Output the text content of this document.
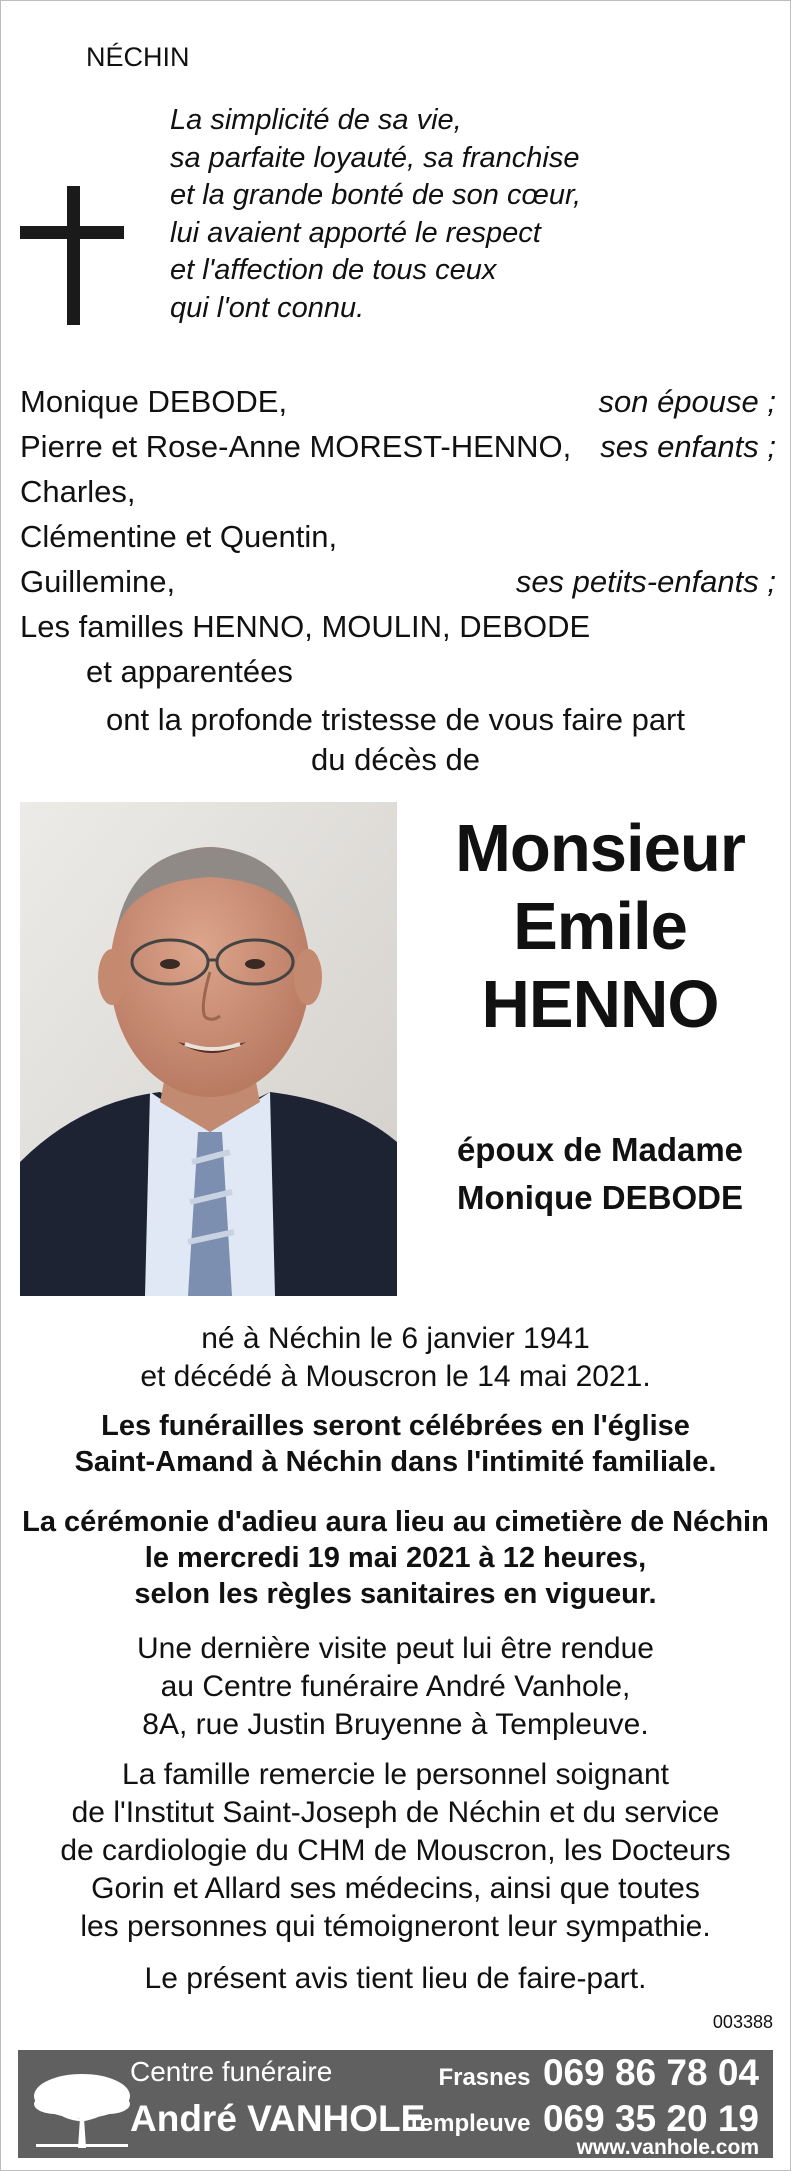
NÉCHIN
La simplicité de sa vie,
sa parfaite loyauté, sa franchise
et la grande bonté de son cœur,
lui avaient apporté le respect
et l'affection de tous ceux
qui l'ont connu.
Monique DEBODE,	son épouse ;
Pierre et Rose-Anne MOREST-HENNO, ses enfants ;
Charles,
Clémentine et Quentin,
Guillemine,	ses petits-enfants ;
Les familles HENNO, MOULIN, DEBODE
et apparentées
ont la profonde tristesse de vous faire part
du décès de
Monsieur
Emile
HENNO
époux de Madame
Monique DEBODE
né à Néchin le 6 janvier 1941
et décédé à Mouscron le 14 mai 2021.
Les funérailles seront célébrées en l'église
Saint-Amand à Néchin dans l'intimité familiale.
La cérémonie d'adieu aura lieu au cimetière de Néchin
le mercredi 19 mai 2021 à 12 heures,
selon les règles sanitaires en vigueur.
Une dernière visite peut lui être rendue
au Centre funéraire André Vanhole,
8A, rue Justin Bruyenne à Templeuve.
La famille remercie le personnel soignant
de l'Institut Saint-Joseph de Néchin et du service
de cardiologie du CHM de Mouscron, les Docteurs
Gorin et Allard ses médecins, ainsi que toutes
les personnes qui témoigneront leur sympathie.
Le présent avis tient lieu de faire-part.
003388
Centre funéraire
André VANHOLE
Frasnes 069 86 78 04
Templeuve 069 35 20 19
www.vanhole.com
